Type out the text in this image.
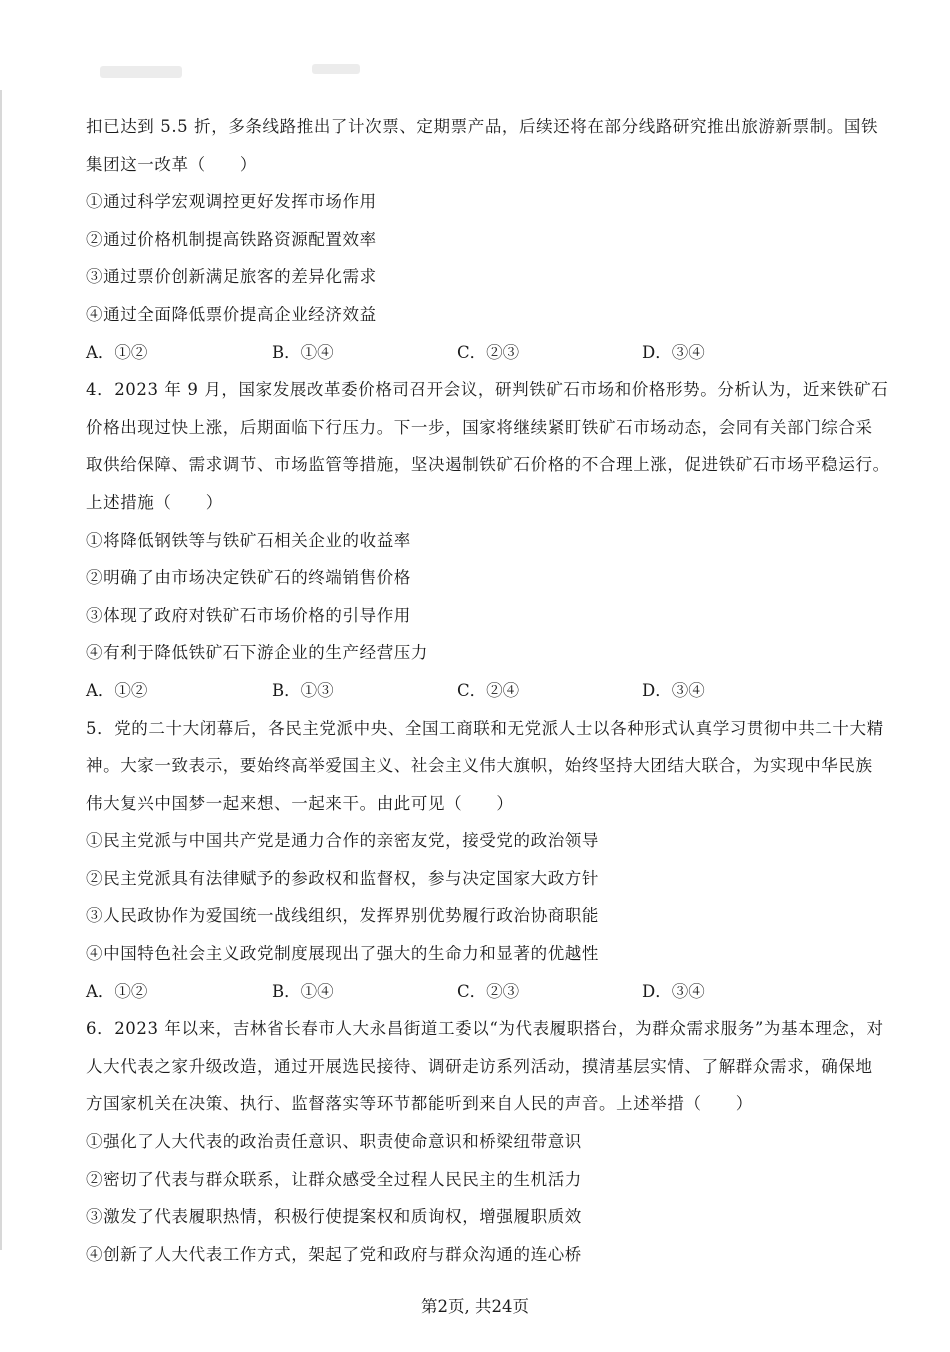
扣已达到 5.5 折，多条线路推出了计次票、定期票产品，后续还将在部分线路研究推出旅游新票制。国铁
集团这一改革（　　）
①通过科学宏观调控更好发挥市场作用
②通过价格机制提高铁路资源配置效率
③通过票价创新满足旅客的差异化需求
④通过全面降低票价提高企业经济效益
A．①②	B．①④	C．②③	D．③④
4．2023 年 9 月，国家发展改革委价格司召开会议，研判铁矿石市场和价格形势。分析认为，近来铁矿石
价格出现过快上涨，后期面临下行压力。下一步，国家将继续紧盯铁矿石市场动态，会同有关部门综合采
取供给保障、需求调节、市场监管等措施，坚决遏制铁矿石价格的不合理上涨，促进铁矿石市场平稳运行。
上述措施（　　）
①将降低钢铁等与铁矿石相关企业的收益率
②明确了由市场决定铁矿石的终端销售价格
③体现了政府对铁矿石市场价格的引导作用
④有利于降低铁矿石下游企业的生产经营压力
A．①②	B．①③	C．②④	D．③④
5．党的二十大闭幕后，各民主党派中央、全国工商联和无党派人士以各种形式认真学习贯彻中共二十大精
神。大家一致表示，要始终高举爱国主义、社会主义伟大旗帜，始终坚持大团结大联合，为实现中华民族
伟大复兴中国梦一起来想、一起来干。由此可见（　　）
①民主党派与中国共产党是通力合作的亲密友党，接受党的政治领导
②民主党派具有法律赋予的参政权和监督权，参与决定国家大政方针
③人民政协作为爱国统一战线组织，发挥界别优势履行政治协商职能
④中国特色社会主义政党制度展现出了强大的生命力和显著的优越性
A．①②	B．①④	C．②③	D．③④
6．2023 年以来，吉林省长春市人大永昌街道工委以“为代表履职搭台，为群众需求服务”为基本理念，对
人大代表之家升级改造，通过开展选民接待、调研走访系列活动，摸清基层实情、了解群众需求，确保地
方国家机关在决策、执行、监督落实等环节都能听到来自人民的声音。上述举措（　　）
①强化了人大代表的政治责任意识、职责使命意识和桥梁纽带意识
②密切了代表与群众联系，让群众感受全过程人民民主的生机活力
③激发了代表履职热情，积极行使提案权和质询权，增强履职质效
④创新了人大代表工作方式，架起了党和政府与群众沟通的连心桥
第2页, 共24页
